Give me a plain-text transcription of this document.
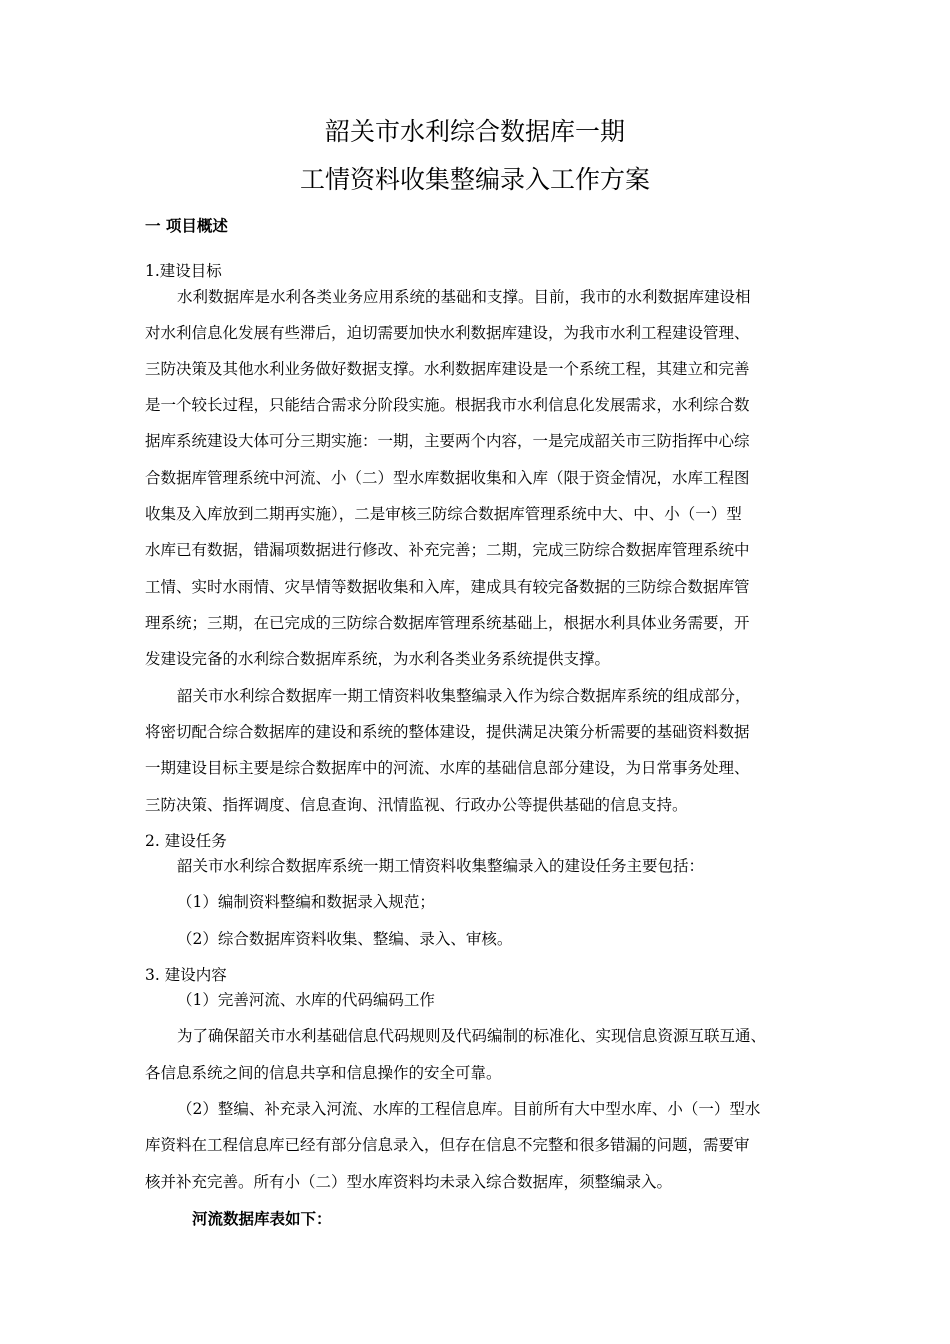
韶关市水利综合数据库一期
工情资料收集整编录入工作方案
一 项目概述
1.建设目标
水利数据库是水利各类业务应用系统的基础和支撑。目前，我市的水利数据库建设相
对水利信息化发展有些滞后，迫切需要加快水利数据库建设，为我市水利工程建设管理、
三防决策及其他水利业务做好数据支撑。水利数据库建设是一个系统工程，其建立和完善
是一个较长过程，只能结合需求分阶段实施。根据我市水利信息化发展需求，水利综合数
据库系统建设大体可分三期实施：一期，主要两个内容，一是完成韶关市三防指挥中心综
合数据库管理系统中河流、小（二）型水库数据收集和入库（限于资金情况，水库工程图
收集及入库放到二期再实施），二是审核三防综合数据库管理系统中大、中、小（一）型
水库已有数据，错漏项数据进行修改、补充完善；二期，完成三防综合数据库管理系统中
工情、实时水雨情、灾旱情等数据收集和入库，建成具有较完备数据的三防综合数据库管
理系统；三期，在已完成的三防综合数据库管理系统基础上，根据水利具体业务需要，开
发建设完备的水利综合数据库系统，为水利各类业务系统提供支撑。
韶关市水利综合数据库一期工情资料收集整编录入作为综合数据库系统的组成部分，
将密切配合综合数据库的建设和系统的整体建设，提供满足决策分析需要的基础资料数据
一期建设目标主要是综合数据库中的河流、水库的基础信息部分建设，为日常事务处理、
三防决策、指挥调度、信息查询、汛情监视、行政办公等提供基础的信息支持。
2. 建设任务
韶关市水利综合数据库系统一期工情资料收集整编录入的建设任务主要包括：
（1）编制资料整编和数据录入规范；
（2）综合数据库资料收集、整编、录入、审核。
3. 建设内容
（1）完善河流、水库的代码编码工作
为了确保韶关市水利基础信息代码规则及代码编制的标准化、实现信息资源互联互通、
各信息系统之间的信息共享和信息操作的安全可靠。
（2）整编、补充录入河流、水库的工程信息库。目前所有大中型水库、小（一）型水
库资料在工程信息库已经有部分信息录入，但存在信息不完整和很多错漏的问题，需要审
核并补充完善。所有小（二）型水库资料均未录入综合数据库，须整编录入。
河流数据库表如下：
